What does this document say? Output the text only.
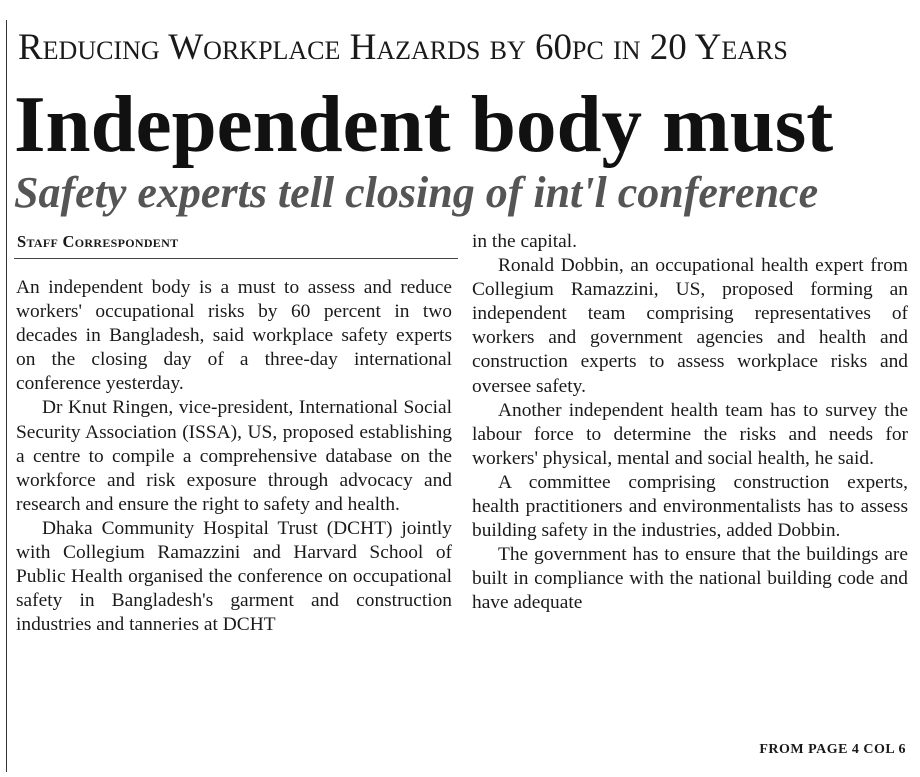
Reducing Workplace Hazards by 60pc in 20 Years
Independent body must
Safety experts tell closing of int'l conference
Staff Correspondent

An independent body is a must to assess and reduce workers' occupational risks by 60 percent in two decades in Bangladesh, said workplace safety experts on the closing day of a three-day international conference yesterday.

Dr Knut Ringen, vice-president, International Social Security Association (ISSA), US, proposed establishing a centre to compile a comprehensive database on the workforce and risk exposure through advocacy and research and ensure the right to safety and health.

Dhaka Community Hospital Trust (DCHT) jointly with Collegium Ramazzini and Harvard School of Public Health organised the conference on occupational safety in Bangladesh's garment and construction industries and tanneries at DCHT

in the capital.

Ronald Dobbin, an occupational health expert from Collegium Ramazzini, US, proposed forming an independent team comprising representatives of workers and government agencies and health and construction experts to assess workplace risks and oversee safety.

Another independent health team has to survey the labour force to determine the risks and needs for workers' physical, mental and social health, he said.

A committee comprising construction experts, health practitioners and environmentalists has to assess building safety in the industries, added Dobbin.

The government has to ensure that the buildings are built in compliance with the national building code and have adequate

FROM PAGE 4 COL 6
